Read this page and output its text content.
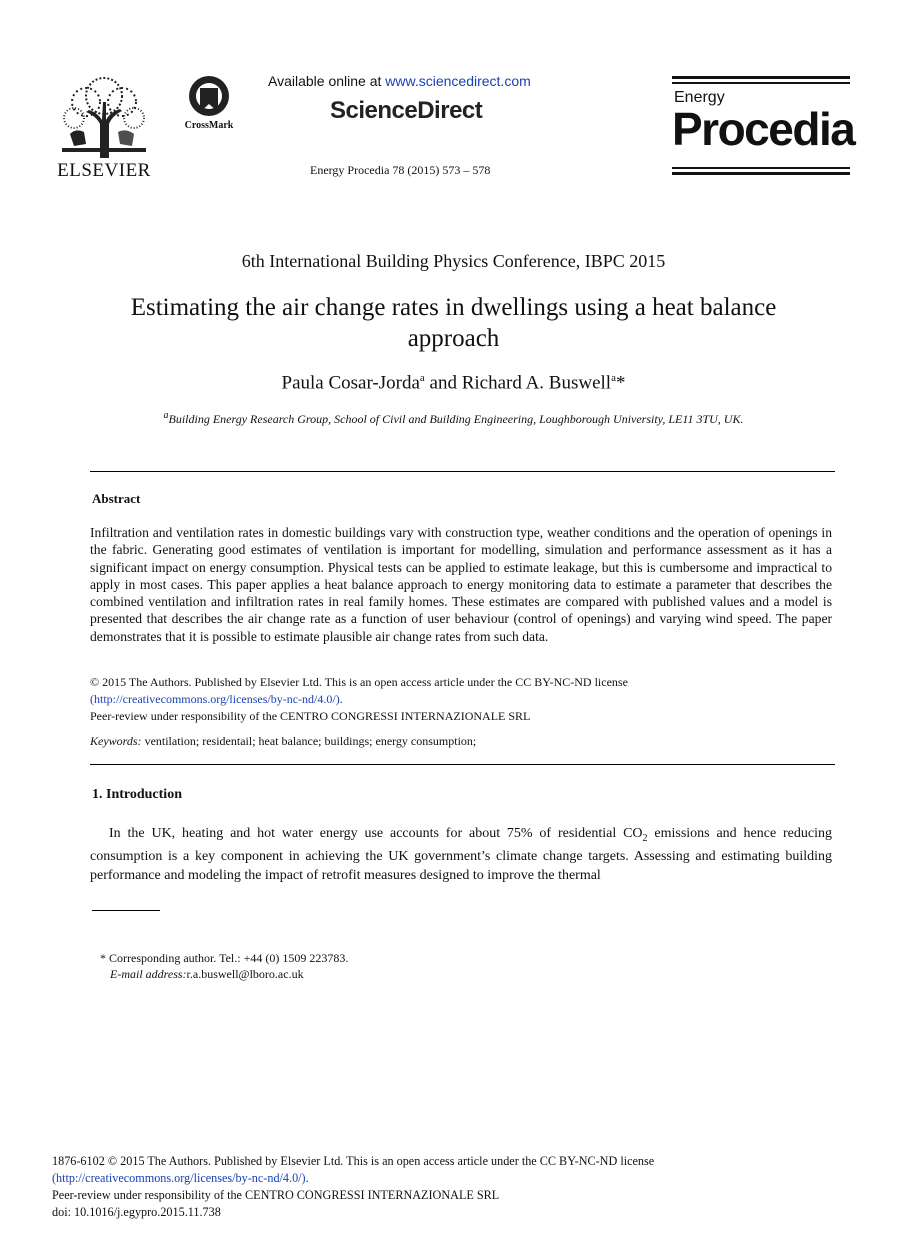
ELSEVIER
CrossMark
Available online at www.sciencedirect.com
ScienceDirect
Energy Procedia 78 (2015) 573 – 578
Energy
Procedia
6th International Building Physics Conference, IBPC 2015
Estimating the air change rates in dwellings using a heat balance
approach
Paula Cosar-Jorda$^a$ and Richard A. Buswell$^a$*
$^a$Building Energy Research Group, School of Civil and Building Engineering, Loughborough University, LE11 3TU, UK.
Abstract
Infiltration and ventilation rates in domestic buildings vary with construction type, weather conditions and the operation of openings in the fabric. Generating good estimates of ventilation is important for modelling, simulation and performance assessment as it has a significant impact on energy consumption. Physical tests can be applied to estimate leakage, but this is cumbersome and impractical to apply in most cases. This paper applies a heat balance approach to energy monitoring data to estimate a parameter that describes the combined ventilation and infiltration rates in real family homes. These estimates are compared with published values and a model is presented that describes the air change rate as a function of user behaviour (control of openings) and varying wind speed. The paper demonstrates that it is possible to estimate plausible air change rates from such data.
© 2015 The Authors. Published by Elsevier Ltd. This is an open access article under the CC BY-NC-ND license
(http://creativecommons.org/licenses/by-nc-nd/4.0/).
Peer-review under responsibility of the CENTRO CONGRESSI INTERNAZIONALE SRL
Keywords: ventilation; residentail; heat balance; buildings; energy consumption;
1. Introduction
In the UK, heating and hot water energy use accounts for about 75% of residential $CO_2$ emissions and hence reducing consumption is a key component in achieving the UK government’s climate change targets. Assessing and estimating building performance and modeling the impact of retrofit measures designed to improve the thermal
* Corresponding author. Tel.: +44 (0) 1509 223783.
E-mail address:r.a.buswell@lboro.ac.uk
1876-6102 © 2015 The Authors. Published by Elsevier Ltd. This is an open access article under the CC BY-NC-ND license
(http://creativecommons.org/licenses/by-nc-nd/4.0/).
Peer-review under responsibility of the CENTRO CONGRESSI INTERNAZIONALE SRL
doi: 10.1016/j.egypro.2015.11.738
